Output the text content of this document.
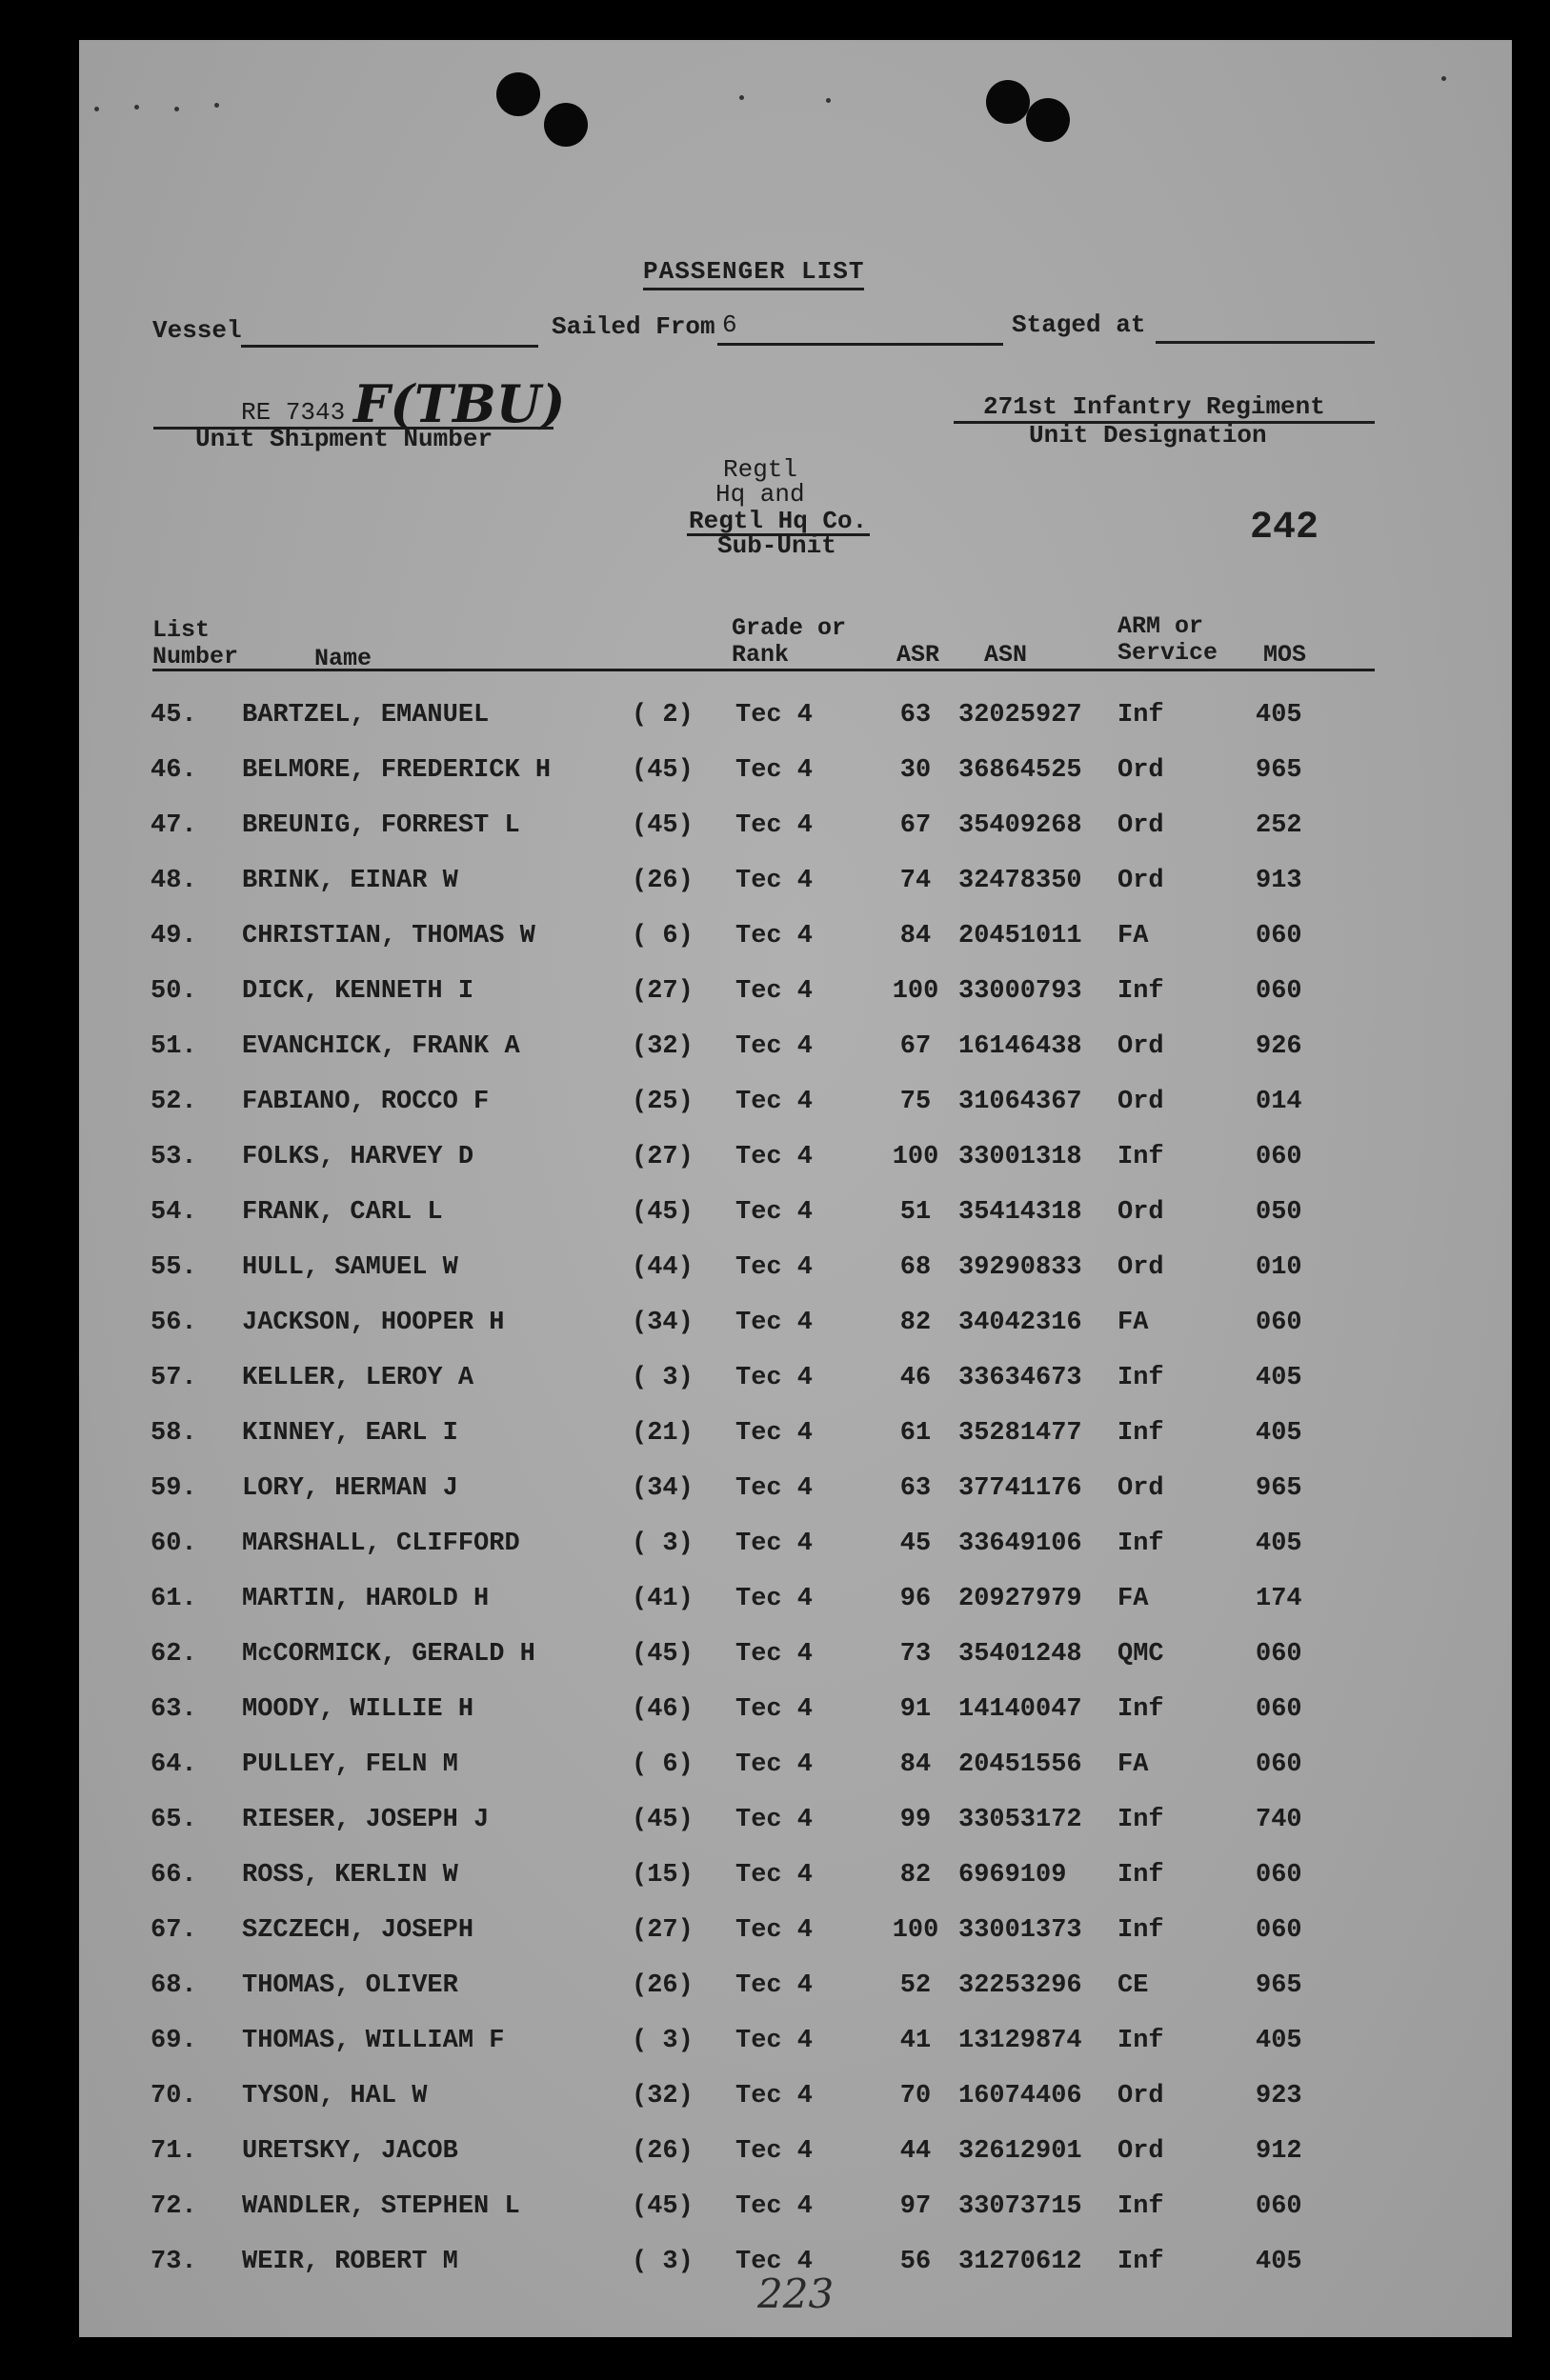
PASSENGER LIST
Vessel	Sailed From 6	Staged at
RE 7343 F(TBU)
Unit Shipment Number
271st Infantry Regiment
Unit Designation
Regtl
Hq and
Regtl Hq Co.
Sub-Unit	242
List
Number	Name
Grade or
Rank	ASR ASN
ARM or
Service MOS
45. BARTZEL, EMANUEL	( 2) Tec 4	63	32025927 Inf	405
46. BELMORE, FREDERICK H	(45) Tec 4	30	36864525 Ord	965
47. BREUNIG, FORREST L	(45) Tec 4	67	35409268 Ord	252
48. BRINK, EINAR W	(26) Tec 4	74	32478350 Ord	913
49. CHRISTIAN, THOMAS W	( 6) Tec 4	84	20451011 FA	060
50. DICK, KENNETH I	(27) Tec 4	100 33000793 Inf	060
51. EVANCHICK, FRANK A	(32) Tec 4	67	16146438 Ord	926
52. FABIANO, ROCCO F	(25) Tec 4	75	31064367 Ord	014
53. FOLKS, HARVEY D	(27) Tec 4	100 33001318 Inf	060
54. FRANK, CARL L	(45) Tec 4	51	35414318 Ord	050
55. HULL, SAMUEL W	(44) Tec 4	68	39290833 Ord	010
56. JACKSON, HOOPER H	(34) Tec 4	82	34042316 FA	060
57. KELLER, LEROY A	( 3) Tec 4	46	33634673 Inf	405
58. KINNEY, EARL I	(21) Tec 4	61	35281477 Inf	405
59. LORY, HERMAN J	(34) Tec 4	63	37741176 Ord	965
60. MARSHALL, CLIFFORD	( 3) Tec 4	45	33649106 Inf	405
61. MARTIN, HAROLD H	(41) Tec 4	96	20927979 FA	174
62. McCORMICK, GERALD H	(45) Tec 4	73	35401248 QMC	060
63. MOODY, WILLIE H	(46) Tec 4	91	14140047 Inf	060
64. PULLEY, FELN M	( 6) Tec 4	84	20451556 FA	060
65. RIESER, JOSEPH J	(45) Tec 4	99	33053172 Inf	740
66. ROSS, KERLIN W	(15) Tec 4	82	6969109 Inf	060
67. SZCZECH, JOSEPH	(27) Tec 4	100 33001373 Inf	060
68. THOMAS, OLIVER	(26) Tec 4	52	32253296 CE	965
69. THOMAS, WILLIAM F	( 3) Tec 4	41	13129874 Inf	405
70. TYSON, HAL W	(32) Tec 4	70	16074406 Ord	923
71. URETSKY, JACOB	(26) Tec 4	44	32612901 Ord	912
72. WANDLER, STEPHEN L	(45) Tec 4	97	33073715 Inf	060
73. WEIR, ROBERT M	( 3) Tec 4	56	31270612 Inf	405
223
